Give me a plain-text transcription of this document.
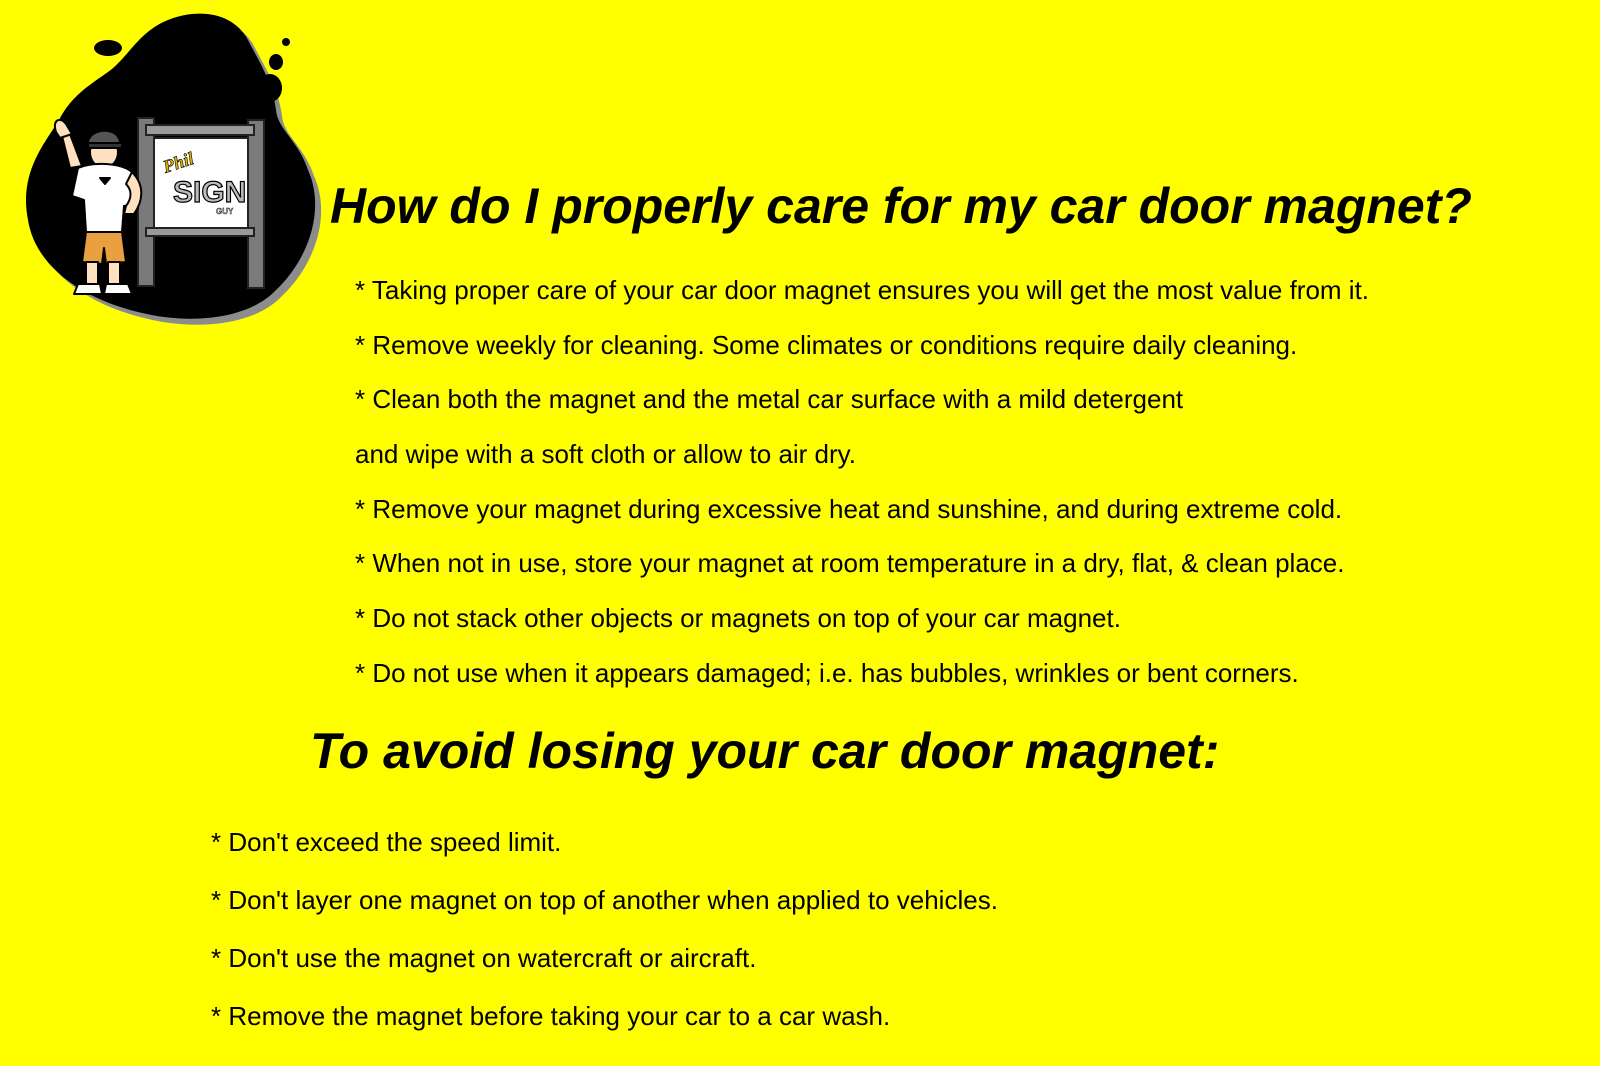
Phil
SIGN
GUY How do I properly care for my car door magnet?
* Taking proper care of your car door magnet ensures you will get the most value from it.
* Remove weekly for cleaning. Some climates or conditions require daily cleaning.
* Clean both the magnet and the metal car surface with a mild detergent
and wipe with a soft cloth or allow to air dry.
* Remove your magnet during excessive heat and sunshine, and during extreme cold.
* When not in use, store your magnet at room temperature in a dry, flat, & clean place.
* Do not stack other objects or magnets on top of your car magnet.
* Do not use when it appears damaged; i.e. has bubbles, wrinkles or bent corners.
To avoid losing your car door magnet:
* Don't exceed the speed limit.
* Don't layer one magnet on top of another when applied to vehicles.
* Don't use the magnet on watercraft or aircraft.
* Remove the magnet before taking your car to a car wash.
